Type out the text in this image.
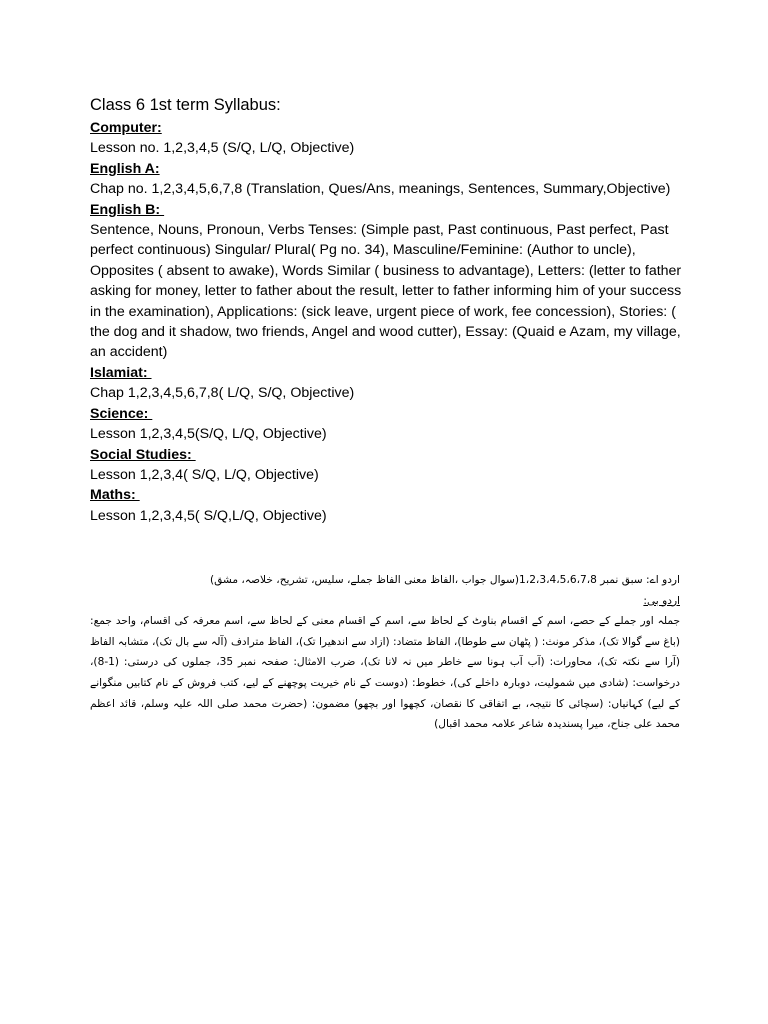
Class 6 1st term Syllabus:
Computer:
Lesson no. 1,2,3,4,5 (S/Q, L/Q, Objective)
English A:
Chap no. 1,2,3,4,5,6,7,8 (Translation, Ques/Ans, meanings, Sentences, Summary,Objective)
English B:
Sentence, Nouns, Pronoun, Verbs Tenses: (Simple past, Past continuous, Past perfect, Past perfect continuous) Singular/ Plural( Pg no. 34), Masculine/Feminine: (Author to uncle), Opposites ( absent to awake), Words Similar ( business to advantage), Letters: (letter to father asking for money, letter to father about the result, letter to father informing him of your success in the examination), Applications: (sick leave, urgent piece of work, fee concession), Stories: ( the dog and it shadow, two friends, Angel and wood cutter), Essay: (Quaid e Azam, my village, an accident)
Islamiat:
Chap 1,2,3,4,5,6,7,8( L/Q, S/Q, Objective)
Science:
Lesson 1,2,3,4,5(S/Q, L/Q, Objective)
Social Studies:
Lesson 1,2,3,4( S/Q, L/Q, Objective)
Maths:
Lesson 1,2,3,4,5( S/Q,L/Q, Objective)

اردو اے: سبق نمبر 1،2،3،4،5،6،7،8(سوال جواب ،الفاظ معنی الفاظ جملے، سلیس، تشریح، خلاصہ، مشق)

اردو بی:

جملہ اور جملے کے حصے، اسم کے اقسام بناوٹ کے لحاظ سے، اسم کے اقسام معنی کے لحاظ سے، اسم معرفہ کی اقسام، واحد جمع: (باغ سے گوالا تک)، مذکر مونث: ( پٹھان سے طوطا)، الفاظ متضاد: (ازاد سے اندھیرا تک)، الفاظ مترادف (آلہ سے بال تک)، متشابہ الفاظ (آرا سے نکتہ تک)، محاورات: (آب آب ہونا سے خاطر میں نہ لانا تک)، ضرب الامثال: صفحہ نمبر 35، جملوں کی درستی: (1-8)، درخواست: (شادی میں شمولیت، دوبارہ داخلے کی)، خطوط: (دوست کے نام خیریت پوچھنے کے لیے، کتب فروش کے نام کتابیں منگوانے کے لیے) کہانیاں: (سچائی کا نتیجہ، بے اتفاقی کا نقصان، کچھوا اور بچھو) مضمون: (حضرت محمد صلی اللہ علیہ وسلم، قائد اعظم محمد علی جناح، میرا پسندیدہ شاعر علامہ محمد اقبال)
